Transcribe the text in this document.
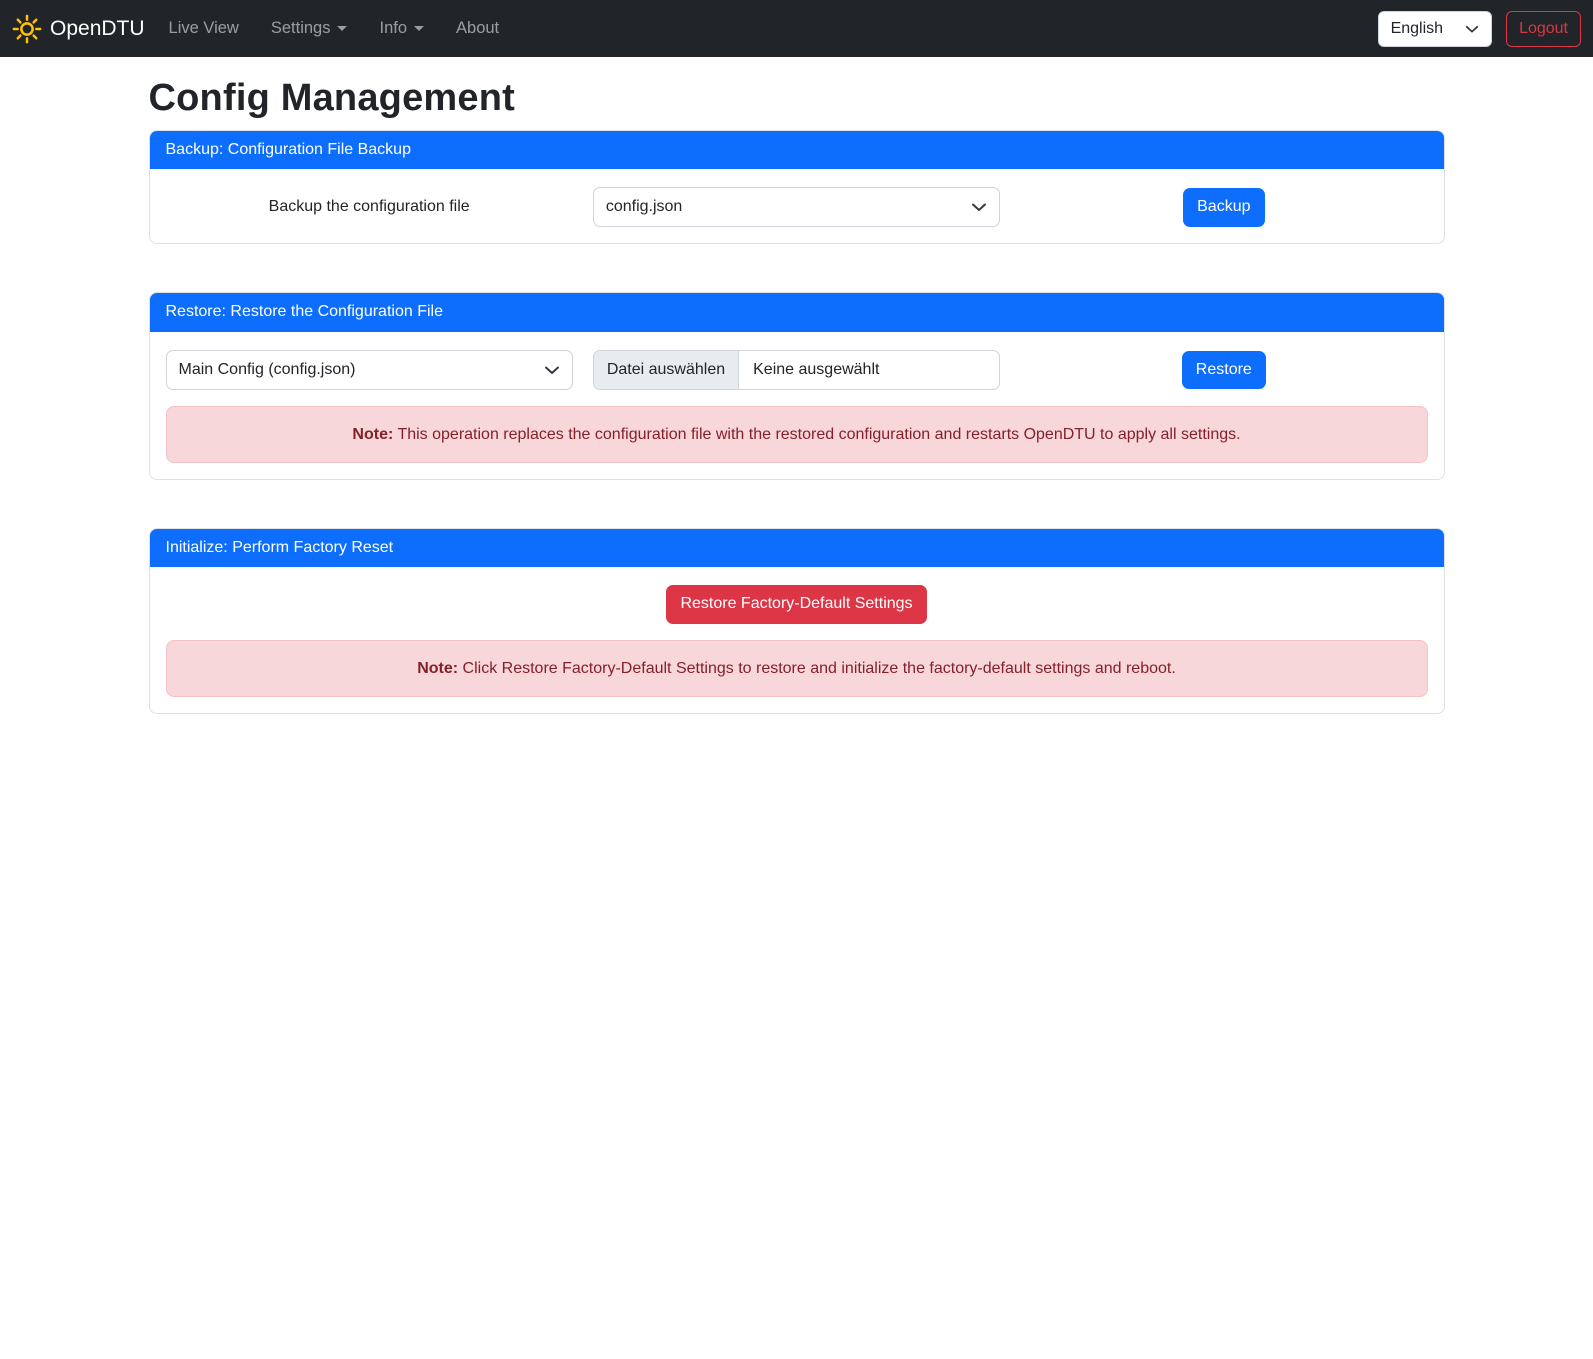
OpenDTU Live View Settings	Info	About	English	Logout
Config Management
Backup: Configuration File Backup
Backup the configuration file	config.json	Backup
Restore: Restore the Configuration File
Main Config (config.json)	Datei auswählen	Keine ausgewählt	Restore
Note: This operation replaces the configuration file with the restored configuration and restarts OpenDTU to apply all settings.
Initialize: Perform Factory Reset
Restore Factory-Default Settings
Note: Click Restore Factory-Default Settings to restore and initialize the factory-default settings and reboot.
